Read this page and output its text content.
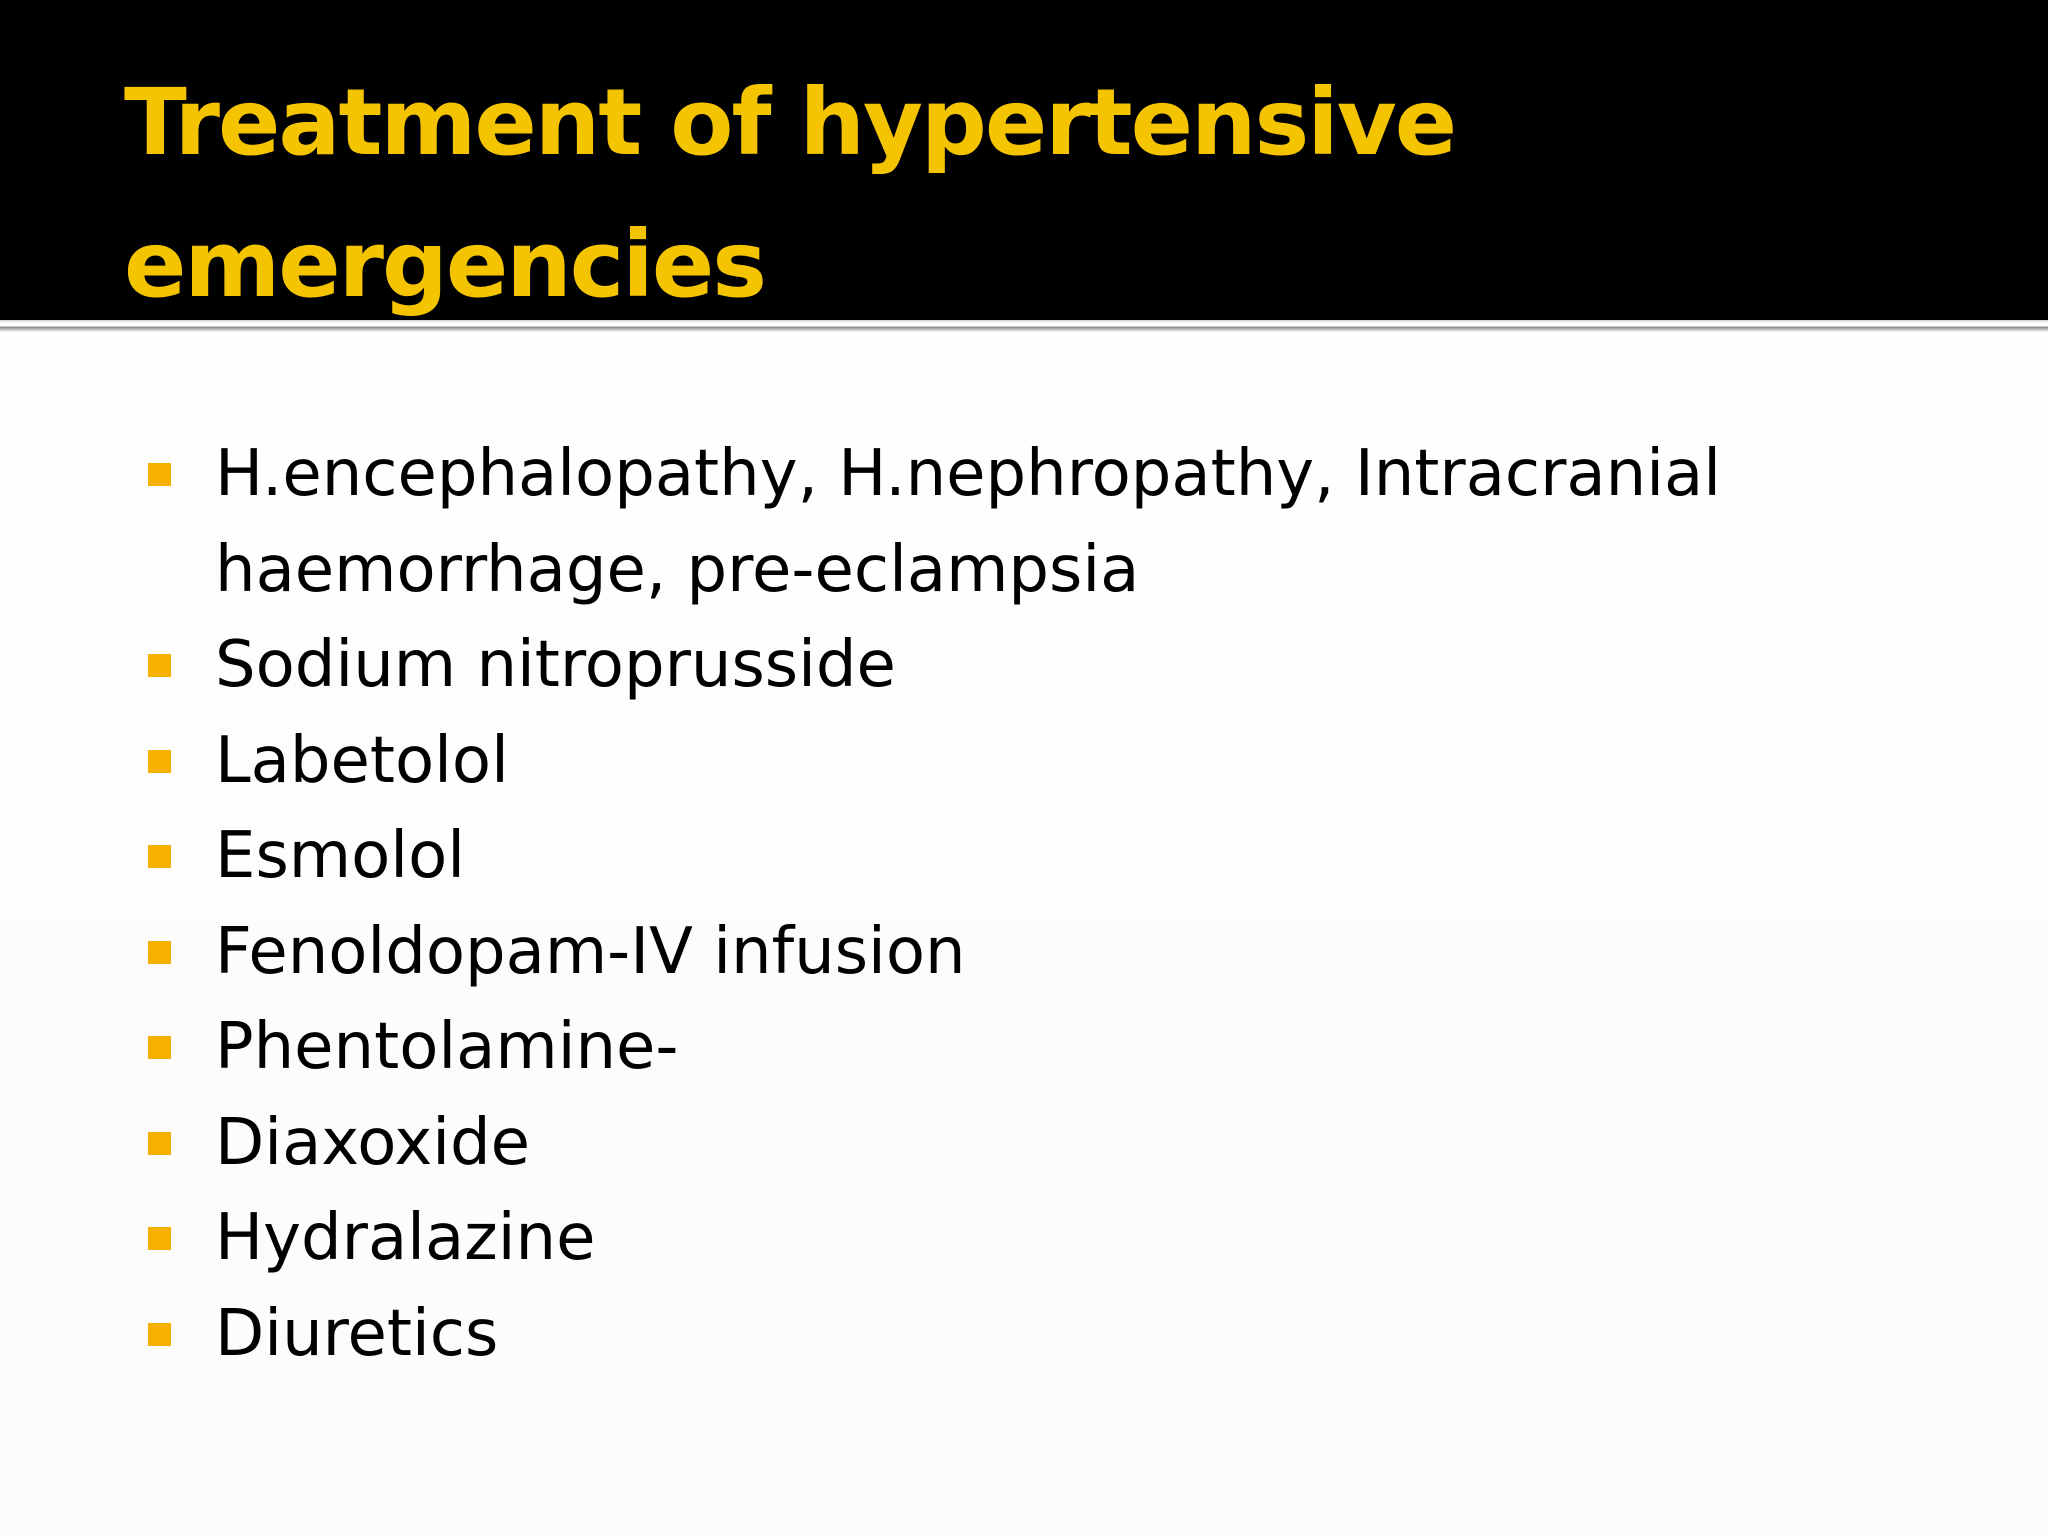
Treatment of hypertensive
emergencies
H.encephalopathy, H.nephropathy, Intracranial
haemorrhage, pre-eclampsia
Sodium nitroprusside
Labetolol
Esmolol
Fenoldopam-IV infusion
Phentolamine-
Diaxoxide
Hydralazine
Diuretics
